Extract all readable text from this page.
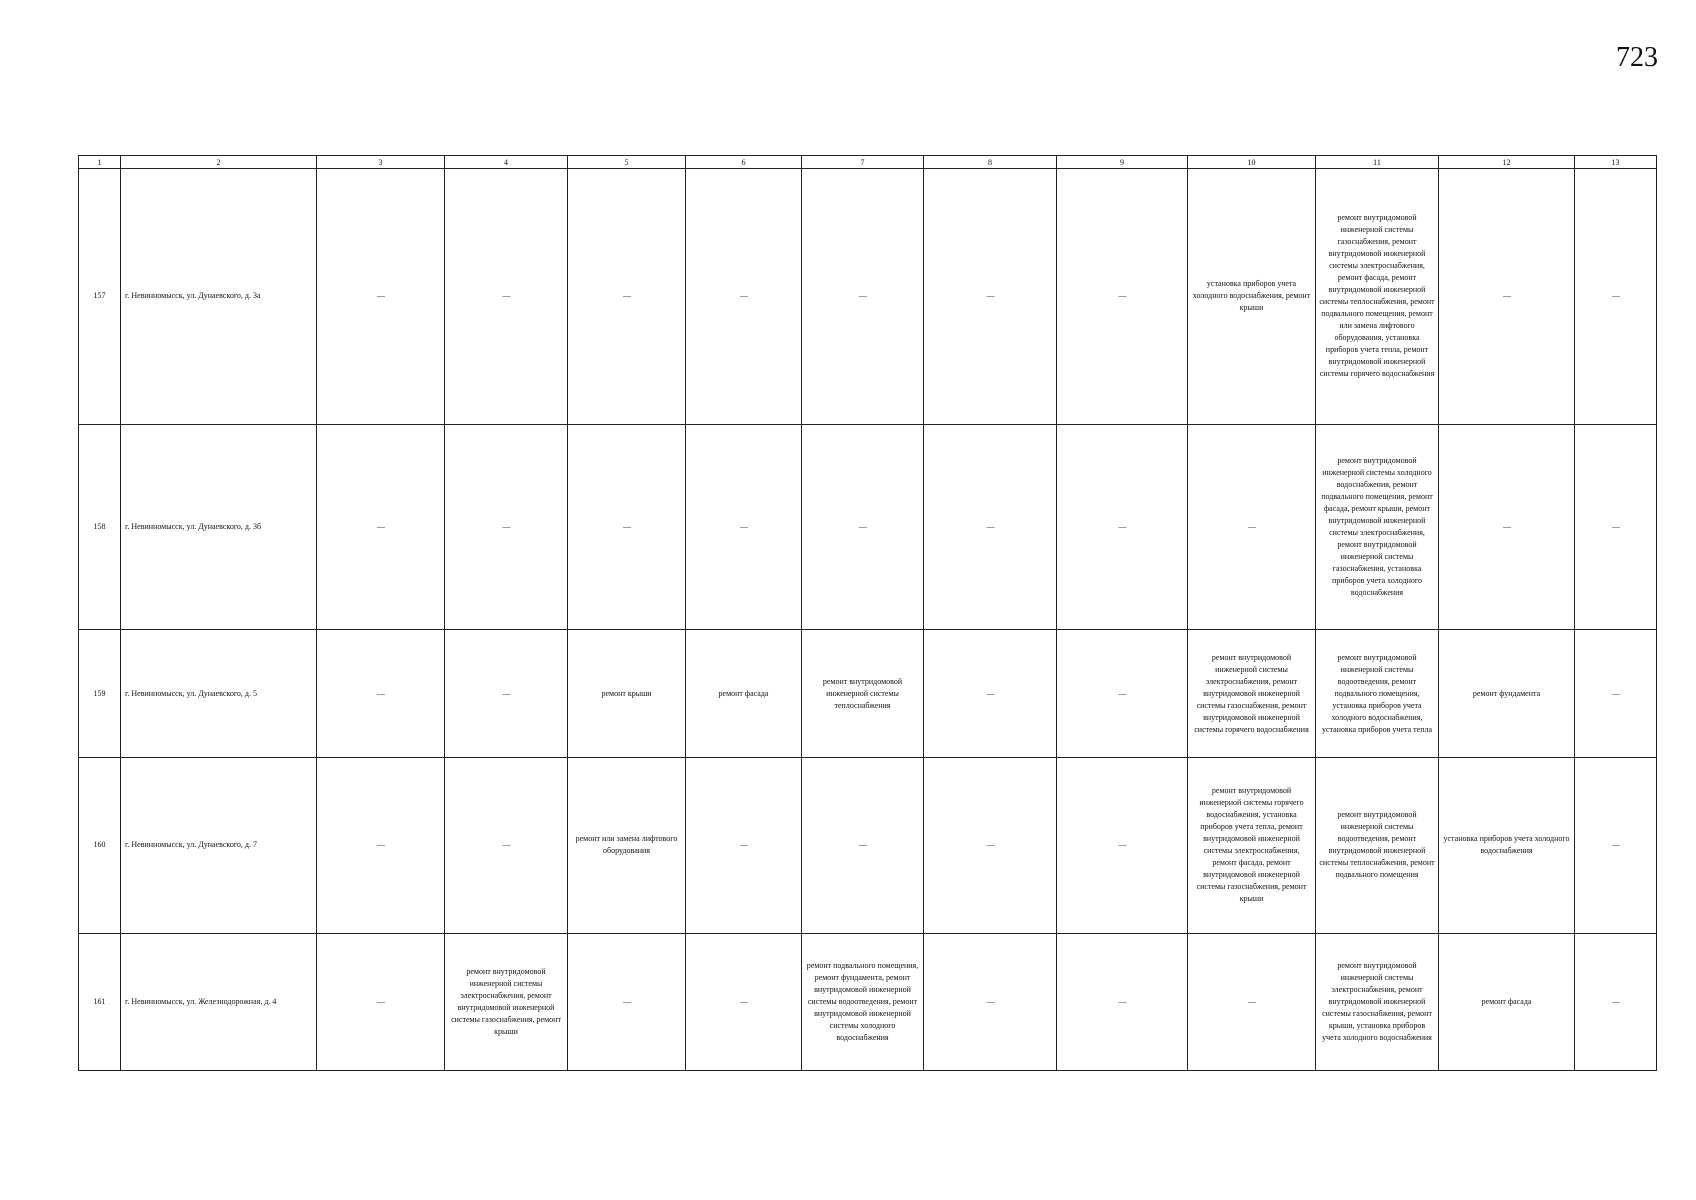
723
1	2	3	4	5	6	7	8	9	10	11	12	13
157	г. Невинномысск, ул. Дунаевского, д. 3а	—	—	—	—	—	—	—	установка приборов учета холодного водоснабжения, ремонт крыши	ремонт внутридомовой инженерной системы газоснабжения, ремонт внутридомовой инженерной системы электроснабжения, ремонт фасада, ремонт внутридомовой инженерной системы теплоснабжения, ремонт подвального помещения, ремонт или замена лифтового оборудования, установка приборов учета тепла, ремонт внутридомовой инженерной системы горячего водоснабжения	—	—
158	г. Невинномысск, ул. Дунаевского, д. 3б	—	—	—	—	—	—	—	—	ремонт внутридомовой инженерной системы холодного водоснабжения, ремонт подвального помещения, ремонт фасада, ремонт крыши, ремонт внутридомовой инженерной системы электроснабжения, ремонт внутридомовой инженерной системы газоснабжения, установка приборов учета холодного водоснабжения	—	—
159	г. Невинномысск, ул. Дунаевского, д. 5	—	—	ремонт крыши	ремонт фасада	ремонт внутридомовой инженерной системы теплоснабжения	—	—	ремонт внутридомовой инженерной системы электроснабжения, ремонт внутридомовой инженерной системы газоснабжения, ремонт внутридомовой инженерной системы горячего водоснабжения	ремонт внутридомовой инженерной системы водоотведения, ремонт подвального помещения, установка приборов учета холодного водоснабжения, установка приборов учета тепла	ремонт фундамента	—
160	г. Невинномысск, ул. Дунаевского, д. 7	—	—	ремонт или замена лифтового оборудования	—	—	—	—	ремонт внутридомовой инженерной системы горячего водоснабжения, установка приборов учета тепла, ремонт внутридомовой инженерной системы электроснабжения, ремонт фасада, ремонт внутридомовой инженерной системы газоснабжения, ремонт крыши	ремонт внутридомовой инженерной системы водоотведения, ремонт внутридомовой инженерной системы теплоснабжения, ремонт подвального помещения	установка приборов учета холодного водоснабжения	—
161	г. Невинномысск, ул. Железнодорожная, д. 4	—	ремонт внутридомовой инженерной системы электроснабжения, ремонт внутридомовой инженерной системы газоснабжения, ремонт крыши	—	—	ремонт подвального помещения, ремонт фундамента, ремонт внутридомовой инженерной системы водоотведения, ремонт внутридомовой инженерной системы холодного водоснабжения	—	—	—	ремонт внутридомовой инженерной системы электроснабжения, ремонт внутридомовой инженерной системы газоснабжения, ремонт крыши, установка приборов учета холодного водоснабжения	ремонт фасада	—
